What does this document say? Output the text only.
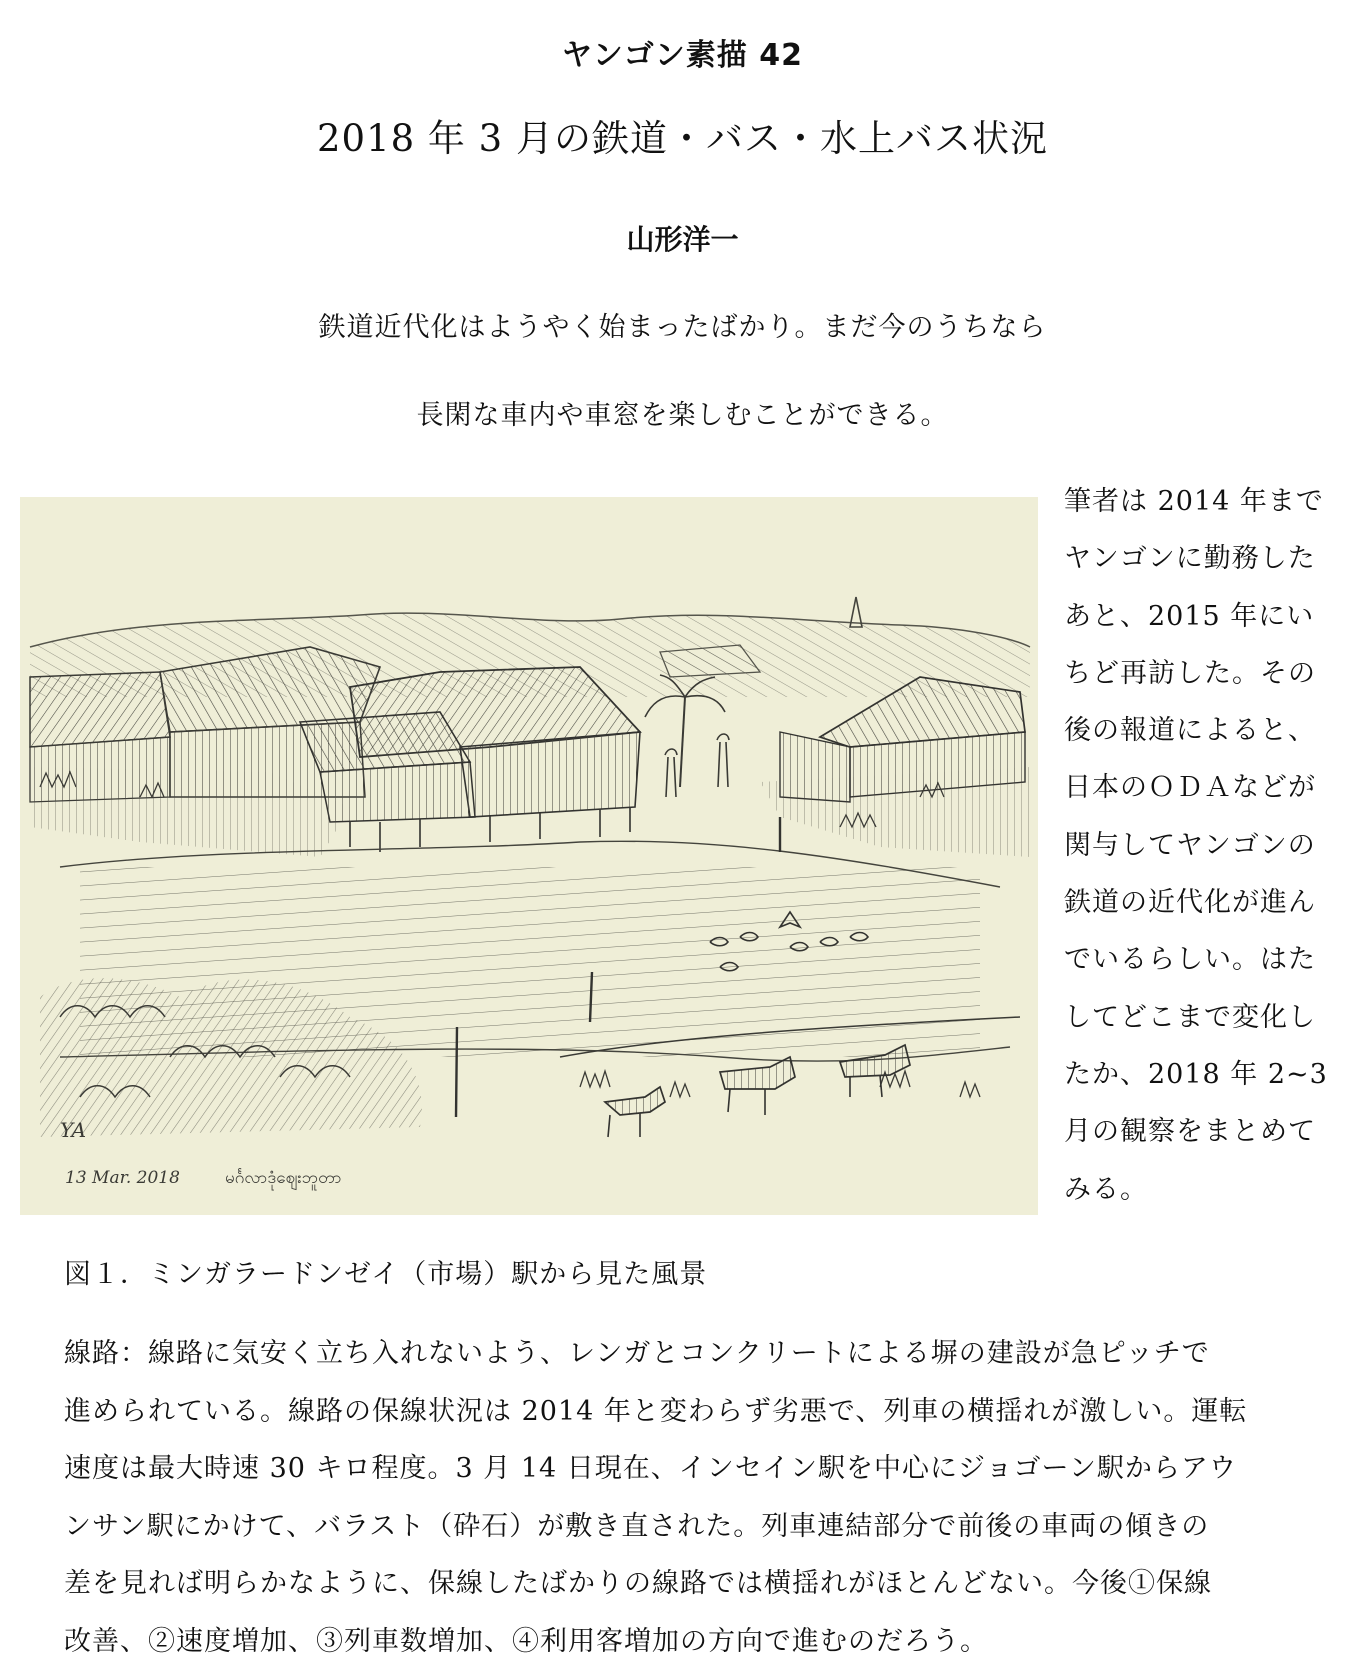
ヤンゴン素描 42
2018 年 3 月の鉄道・バス・水上バス状況
山形洋一
鉄道近代化はようやく始まったばかり。まだ今のうちなら
長閑な車内や車窓を楽しむことができる。
YA
13 Mar. 2018	မင်္ဂလာဒုံဈေးဘူတာ
筆者は 2014 年まで
ヤンゴンに勤務した
あと、2015 年にい
ちど再訪した。その
後の報道によると、
日本のＯＤＡなどが
関与してヤンゴンの
鉄道の近代化が進ん
でいるらしい。はた
してどこまで変化し
たか、2018 年 2~3
月の観察をまとめて
みる。
図１．ミンガラードンゼイ（市場）駅から見た風景
線路：線路に気安く立ち入れないよう、レンガとコンクリートによる塀の建設が急ピッチで
進められている。線路の保線状況は 2014 年と変わらず劣悪で、列車の横揺れが激しい。運転
速度は最大時速 30 キロ程度。3 月 14 日現在、インセイン駅を中心にジョゴーン駅からアウ
ンサン駅にかけて、バラスト（砕石）が敷き直された。列車連結部分で前後の車両の傾きの
差を見れば明らかなように、保線したばかりの線路では横揺れがほとんどない。今後①保線
改善、②速度増加、③列車数増加、④利用客増加の方向で進むのだろう。
